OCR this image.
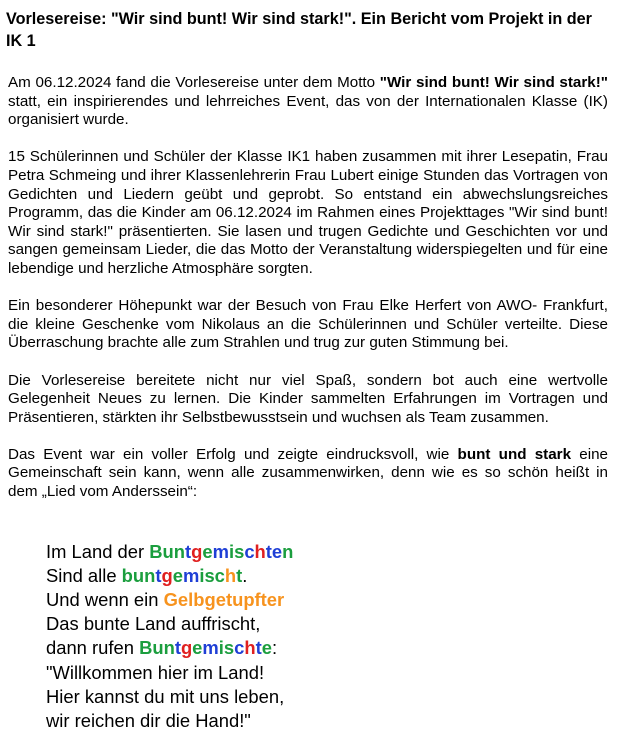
Vorlesereise: "Wir sind bunt! Wir sind stark!". Ein Bericht vom Projekt in der IK 1

Am 06.12.2024 fand die Vorlesereise unter dem Motto "Wir sind bunt! Wir sind stark!" statt, ein inspirierendes und lehrreiches Event, das von der Internationalen Klasse (IK) organisiert wurde.

15 Schülerinnen und Schüler der Klasse IK1 haben zusammen mit ihrer Lesepatin, Frau Petra Schmeing und ihrer Klassenlehrerin Frau Lubert einige Stunden das Vortragen von Gedichten und Liedern geübt und geprobt. So entstand ein abwechslungsreiches Programm, das die Kinder am 06.12.2024 im Rahmen eines Projekttages "Wir sind bunt! Wir sind stark!" präsentierten. Sie lasen und trugen Gedichte und Geschichten vor und sangen gemeinsam Lieder, die das Motto der Veranstaltung widerspiegelten und für eine lebendige und herzliche Atmosphäre sorgten.

Ein besonderer Höhepunkt war der Besuch von Frau Elke Herfert von AWO- Frankfurt, die kleine Geschenke vom Nikolaus an die Schülerinnen und Schüler verteilte. Diese Überraschung brachte alle zum Strahlen und trug zur guten Stimmung bei.

Die Vorlesereise bereitete nicht nur viel Spaß, sondern bot auch eine wertvolle Gelegenheit Neues zu lernen. Die Kinder sammelten Erfahrungen im Vortragen und Präsentieren, stärkten ihr Selbstbewusstsein und wuchsen als Team zusammen.

Das Event war ein voller Erfolg und zeigte eindrucksvoll, wie bunt und stark eine Gemeinschaft sein kann, wenn alle zusammenwirken, denn wie es so schön heißt in dem „Lied vom Anderssein“:

Im Land der Buntgemischten
Sind alle buntgemischt.
Und wenn ein Gelbgetupfter
Das bunte Land auffrischt,
dann rufen Buntgemischte:
"Willkommen hier im Land!
Hier kannst du mit uns leben,
wir reichen dir die Hand!"
